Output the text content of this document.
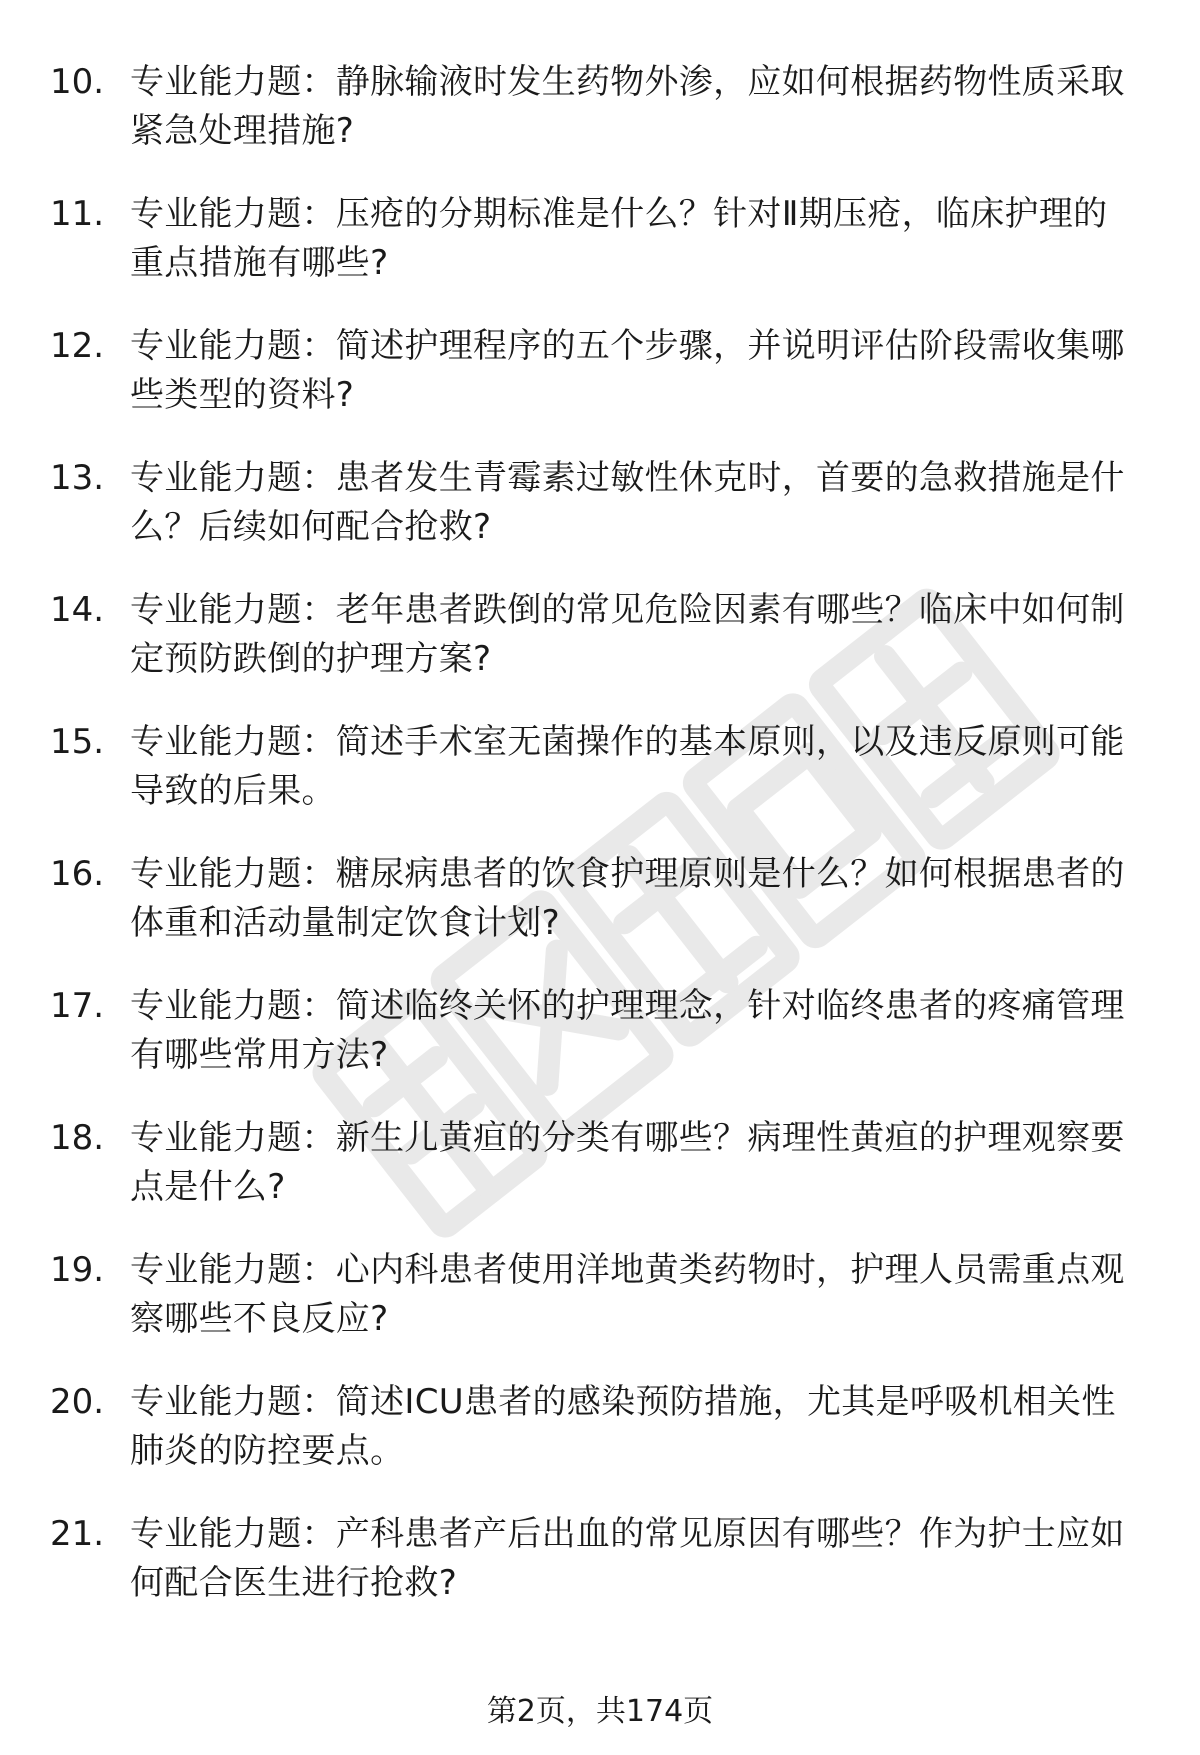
10. 专业能力题：静脉输液时发生药物外渗，应如何根据药物性质采取紧急处理措施?
11. 专业能力题：压疮的分期标准是什么？针对Ⅱ期压疮，临床护理的重点措施有哪些?
12. 专业能力题：简述护理程序的五个步骤，并说明评估阶段需收集哪些类型的资料?
13. 专业能力题：患者发生青霉素过敏性休克时，首要的急救措施是什么？后续如何配合抢救?
14. 专业能力题：老年患者跌倒的常见危险因素有哪些？临床中如何制定预防跌倒的护理方案?
15. 专业能力题：简述手术室无菌操作的基本原则，以及违反原则可能导致的后果。
16. 专业能力题：糖尿病患者的饮食护理原则是什么？如何根据患者的体重和活动量制定饮食计划?
17. 专业能力题：简述临终关怀的护理理念，针对临终患者的疼痛管理有哪些常用方法?
18. 专业能力题：新生儿黄疸的分类有哪些？病理性黄疸的护理观察要点是什么?
19. 专业能力题：心内科患者使用洋地黄类药物时，护理人员需重点观察哪些不良反应?
20. 专业能力题：简述ICU患者的感染预防措施，尤其是呼吸机相关性肺炎的防控要点。
21. 专业能力题：产科患者产后出血的常见原因有哪些？作为护士应如何配合医生进行抢救?
第2页，共174页
